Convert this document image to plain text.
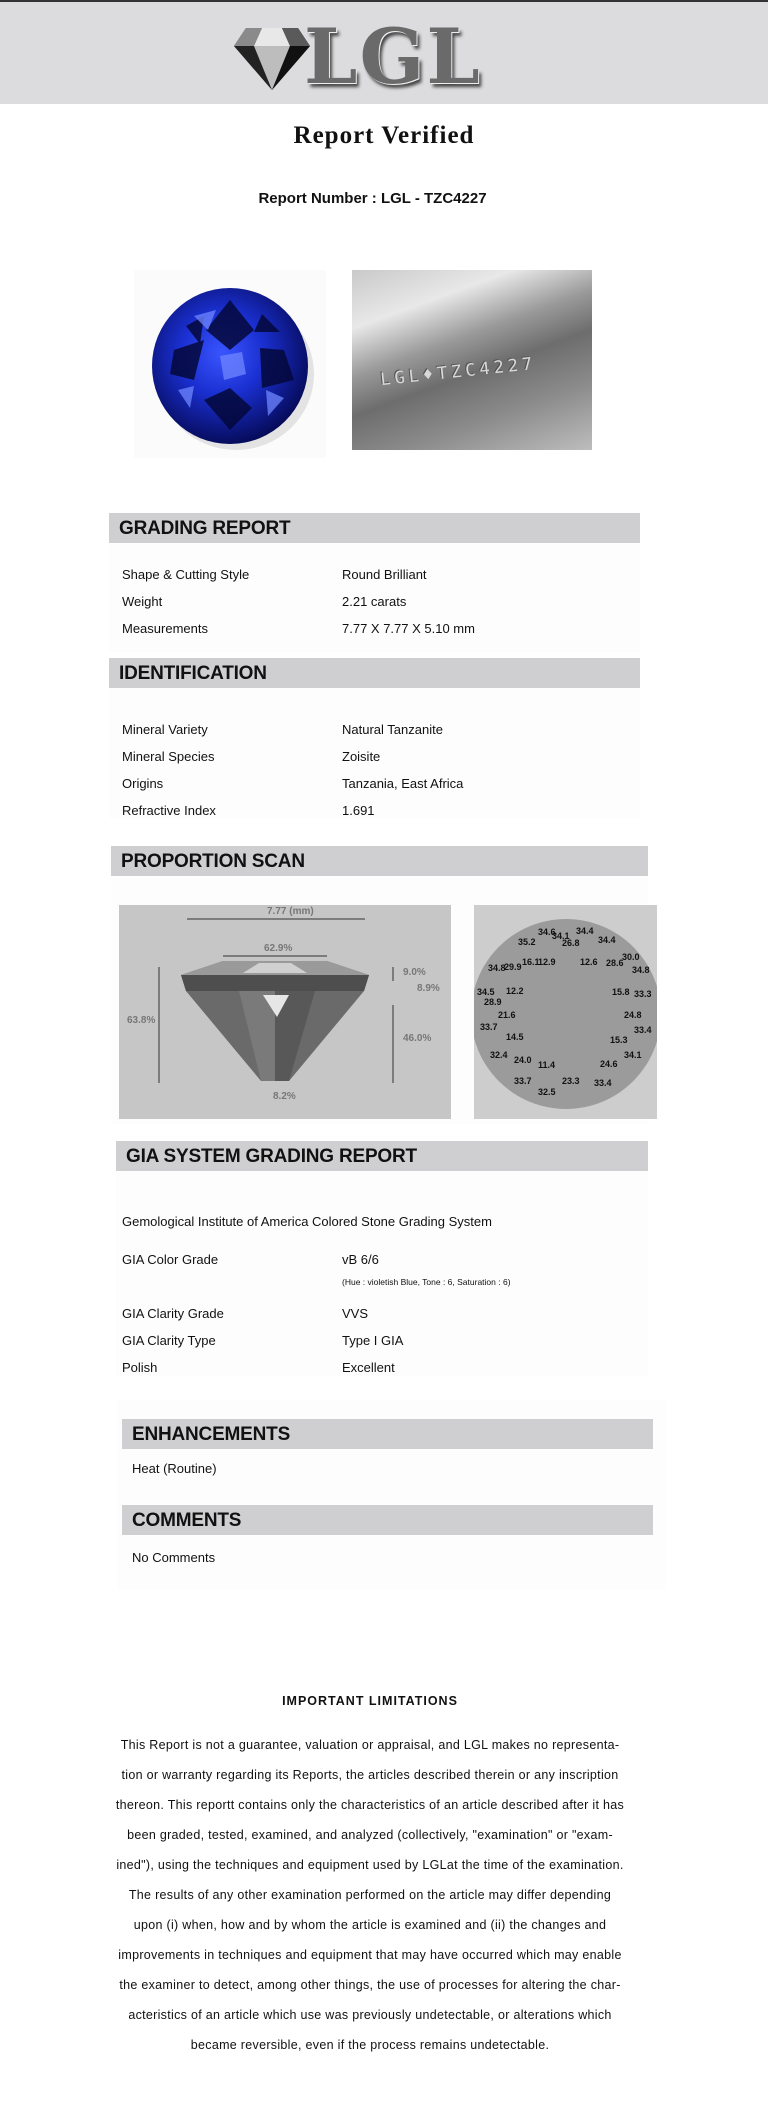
LGL
Report Verified
Report Number : LGL - TZC4227
LGL♦TZC4227
GRADING REPORT
Shape & Cutting Style	Round Brilliant
Weight	2.21 carats
Measurements	7.77 X 7.77 X 5.10 mm
IDENTIFICATION
Mineral Variety	Natural Tanzanite
Mineral Species	Zoisite
Origins	Tanzania, East Africa
Refractive Index	1.691
PROPORTION SCAN
7.77 (mm)
62.9%
63.8%
9.0%
8.9%
46.0%
8.2%
34.6
35.2
34.1 34.4
26.8 34.4
34.8
29.9 16.1
12.9	12.6 28.6
30.0
34.8
34.5 12.2	15.8 33.3
28.9
21.6	24.8
33.7	33.4
14.5	15.3
32.4	34.1
24.0 11.4	24.6
33.7	23.3 33.4
32.5
GIA SYSTEM GRADING REPORT
Gemological Institute of America Colored Stone Grading System
GIA Color Grade	vB 6/6
(Hue : violetish Blue, Tone : 6, Saturation : 6)
GIA Clarity Grade	VVS
GIA Clarity Type	Type I GIA
Polish	Excellent
ENHANCEMENTS
Heat (Routine)
COMMENTS
No Comments
IMPORTANT LIMITATIONS
This Report is not a guarantee, valuation or appraisal, and LGL makes no representa-
tion or warranty regarding its Reports, the articles described therein or any inscription
thereon. This reportt contains only the characteristics of an article described after it has
been graded, tested, examined, and analyzed (collectively, "examination" or "exam-
ined"), using the techniques and equipment used by LGLat the time of the examination.
The results of any other examination performed on the article may differ depending
upon (i) when, how and by whom the article is examined and (ii) the changes and
improvements in techniques and equipment that may have occurred which may enable
the examiner to detect, among other things, the use of processes for altering the char-
acteristics of an article which use was previously undetectable, or alterations which
became reversible, even if the process remains undetectable.
